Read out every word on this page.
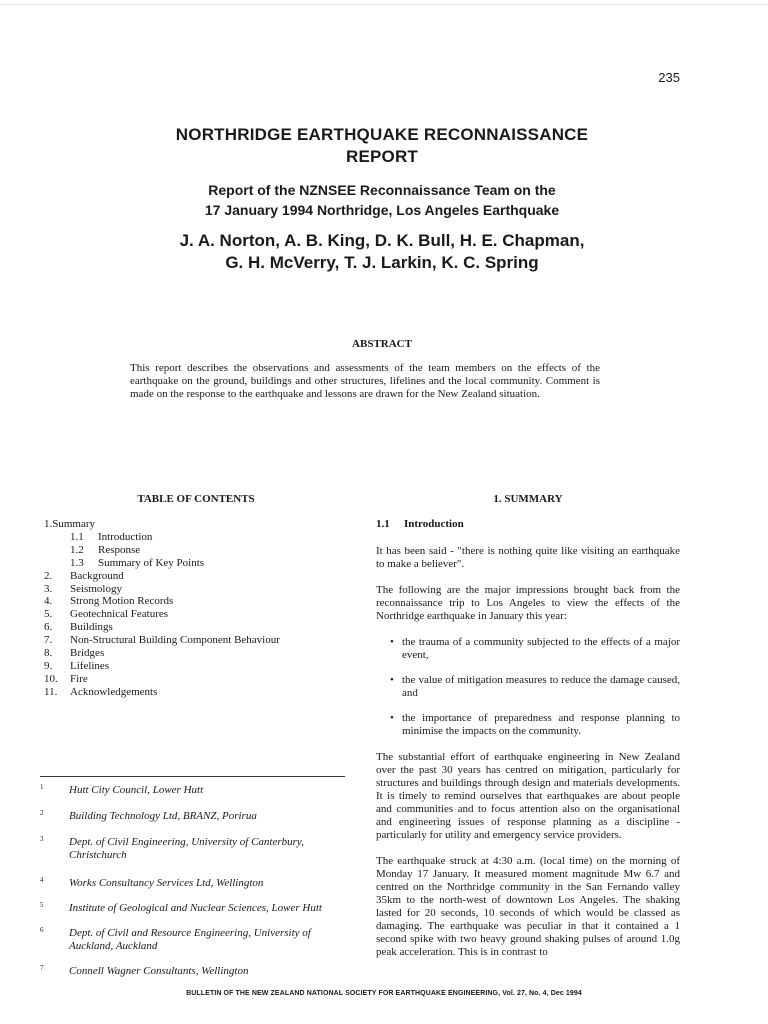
235
NORTHRIDGE EARTHQUAKE RECONNAISSANCE
REPORT
Report of the NZNSEE Reconnaissance Team on the
17 January 1994 Northridge, Los Angeles Earthquake
J. A. Norton, A. B. King, D. K. Bull, H. E. Chapman,
G. H. McVerry, T. J. Larkin, K. C. Spring
ABSTRACT
This report describes the observations and assessments of the team members on the effects of the earthquake on the ground, buildings and other structures, lifelines and the local community. Comment is made on the response to the earthquake and lessons are drawn for the New Zealand situation.
TABLE OF CONTENTS
1.Summary
1.1 Introduction
1.2 Response
1.3 Summary of Key Points
2. Background
3. Seismology
4. Strong Motion Records
5. Geotechnical Features
6. Buildings
7. Non-Structural Building Component Behaviour
8. Bridges
9. Lifelines
10. Fire
11. Acknowledgements
1 Hutt City Council, Lower Hutt
2 Building Technology Ltd, BRANZ, Porirua
3 Dept. of Civil Engineering, University of Canterbury, Christchurch
4 Works Consultancy Services Ltd, Wellington
5 Institute of Geological and Nuclear Sciences, Lower Hutt
6 Dept. of Civil and Resource Engineering, University of Auckland, Auckland
7 Connell Wagner Consultants, Wellington
1. SUMMARY
1.1 Introduction

It has been said - "there is nothing quite like visiting an earthquake to make a believer".

The following are the major impressions brought back from the reconnaissance trip to Los Angeles to view the effects of the Northridge earthquake in January this year:

• the trauma of a community subjected to the effects of a major event,
• the value of mitigation measures to reduce the damage caused, and
• the importance of preparedness and response planning to minimise the impacts on the community.

The substantial effort of earthquake engineering in New Zealand over the past 30 years has centred on mitigation, particularly for structures and buildings through design and materials developments. It is timely to remind ourselves that earthquakes are about people and communities and to focus attention also on the organisational and engineering issues of response planning as a discipline - particularly for utility and emergency service providers.

The earthquake struck at 4:30 a.m. (local time) on the morning of Monday 17 January. It measured moment magnitude Mw 6.7 and centred on the Northridge community in the San Fernando valley 35km to the north-west of downtown Los Angeles. The shaking lasted for 20 seconds, 10 seconds of which would be classed as damaging. The earthquake was peculiar in that it contained a 1 second spike with two heavy ground shaking pulses of around 1.0g peak acceleration. This is in contrast to

BULLETIN OF THE NEW ZEALAND NATIONAL SOCIETY FOR EARTHQUAKE ENGINEERING, Vol. 27, No. 4, Dec 1994
